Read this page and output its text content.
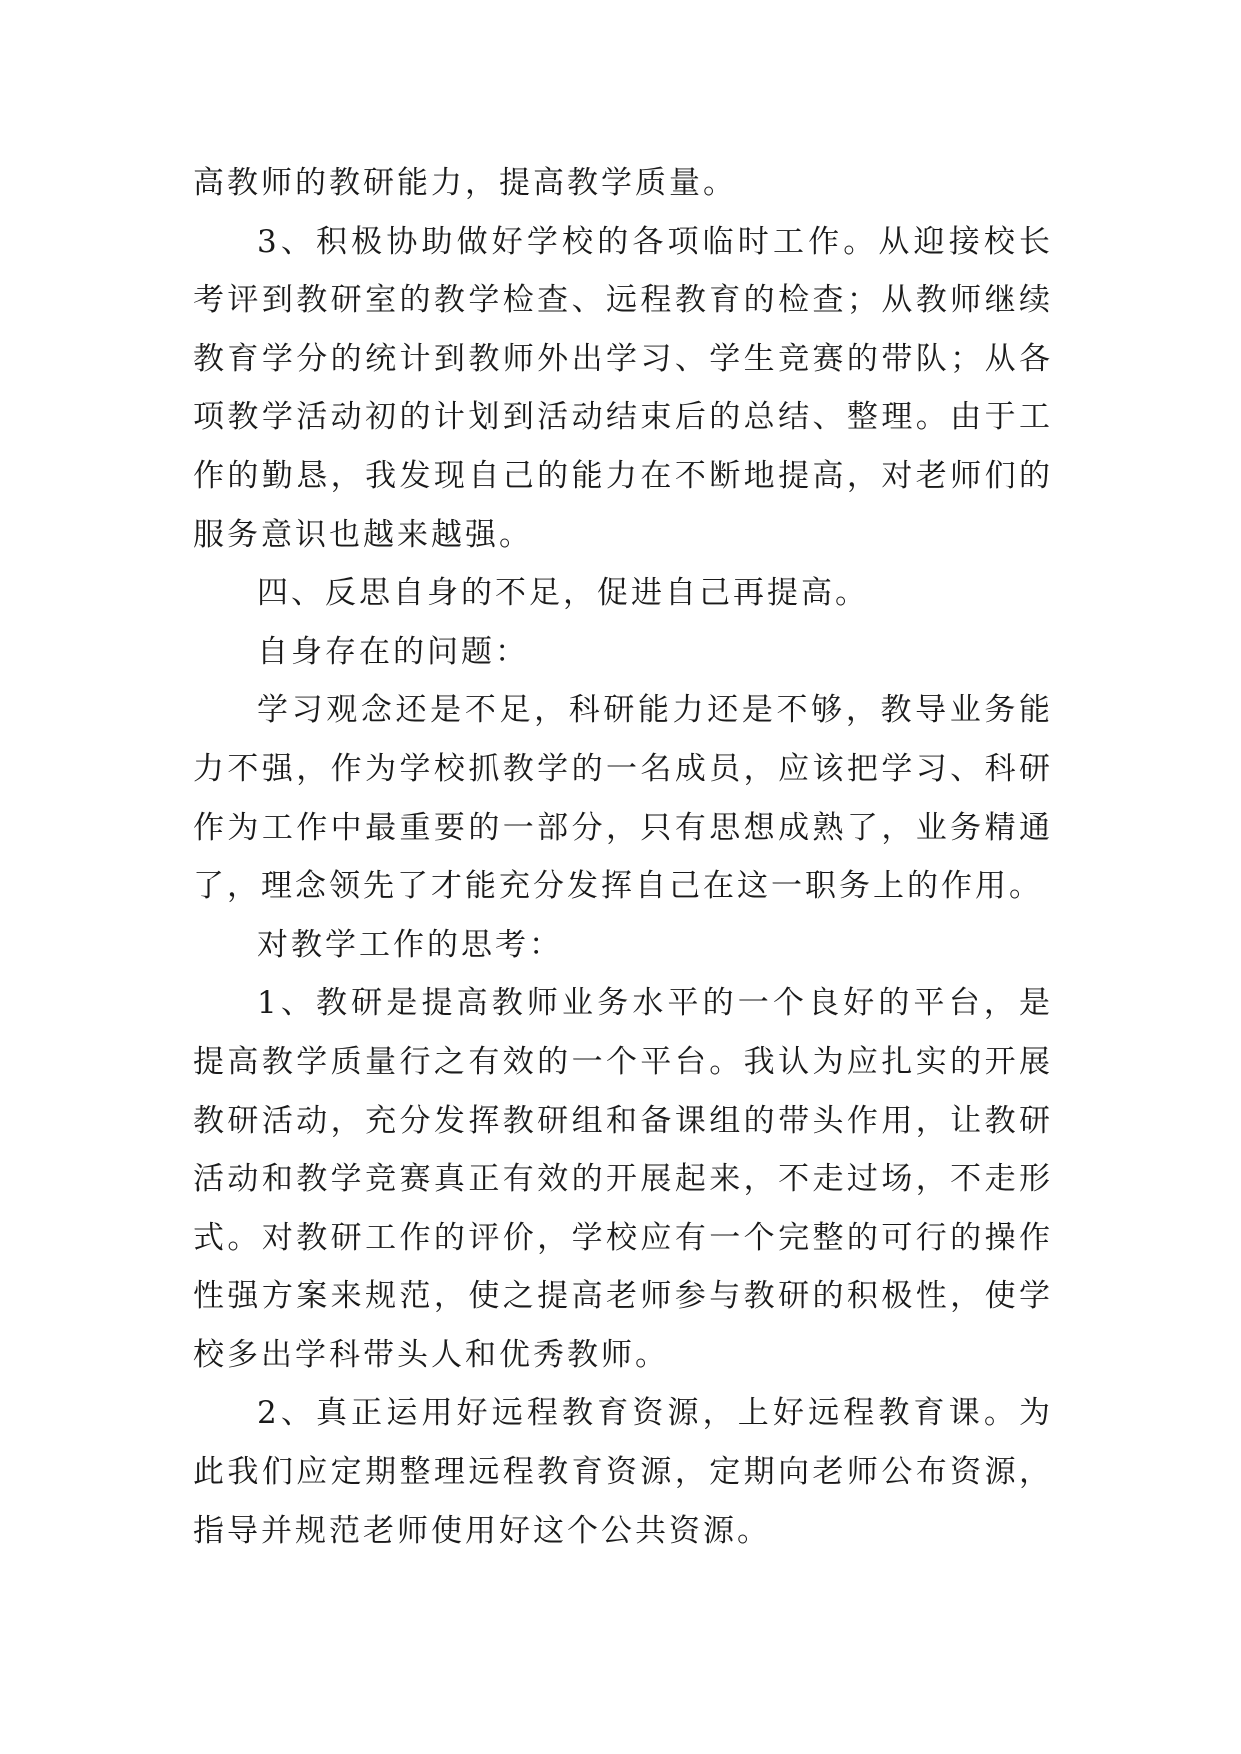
高教师的教研能力，提高教学质量。

3、积极协助做好学校的各项临时工作。从迎接校长考评到教研室的教学检查、远程教育的检查；从教师继续教育学分的统计到教师外出学习、学生竞赛的带队；从各项教学活动初的计划到活动结束后的总结、整理。由于工作的勤恳，我发现自己的能力在不断地提高，对老师们的服务意识也越来越强。

四、反思自身的不足，促进自己再提高。

自身存在的问题：

学习观念还是不足，科研能力还是不够，教导业务能力不强，作为学校抓教学的一名成员，应该把学习、科研作为工作中最重要的一部分，只有思想成熟了，业务精通了，理念领先了才能充分发挥自己在这一职务上的作用。

对教学工作的思考：

1、教研是提高教师业务水平的一个良好的平台，是提高教学质量行之有效的一个平台。我认为应扎实的开展教研活动，充分发挥教研组和备课组的带头作用，让教研活动和教学竞赛真正有效的开展起来，不走过场，不走形式。对教研工作的评价，学校应有一个完整的可行的操作性强方案来规范，使之提高老师参与教研的积极性，使学校多出学科带头人和优秀教师。

2、真正运用好远程教育资源，上好远程教育课。为此我们应定期整理远程教育资源，定期向老师公布资源，指导并规范老师使用好这个公共资源。
